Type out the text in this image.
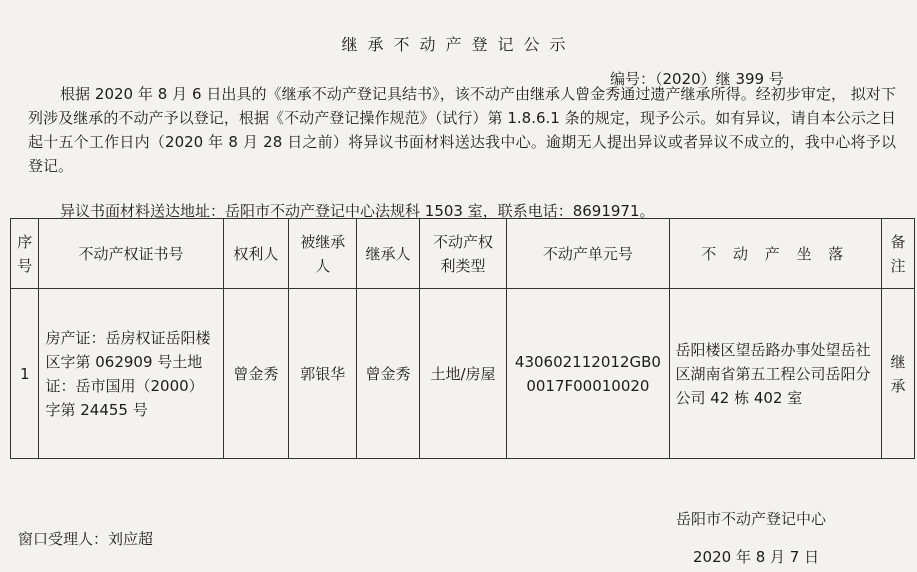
继承不动产登记公示
编号：（2020）继 399 号

根据 2020 年 8 月 6 日出具的《继承不动产登记具结书》，该不动产由继承人曾金秀通过遗产继承所得。经初步审定， 拟对下列涉及继承的不动产予以登记，根据《不动产登记操作规范》（试行）第 1.8.6.1 条的规定，现予公示。如有异议，请自本公示之日起十五个工作日内（2020 年 8 月 28 日之前）将异议书面材料送达我中心。逾期无人提出异议或者异议不成立的，我中心将予以登记。

异议书面材料送达地址：岳阳市不动产登记中心法规科 1503 室，联系电话：8691971。
序号	不动产权证书号	权利人	被继承人	继承人	不动产权利类型	不动产单元号	不 动 产 坐 落	备注
1	房产证：岳房权证岳阳楼区字第 062909 号土地证：岳市国用（2000）字第 24455 号	曾金秀	郭银华	曾金秀	土地/房屋	430602112012GB00017F00010020	岳阳楼区望岳路办事处望岳社区湖南省第五工程公司岳阳分公司 42 栋 402 室	继承
岳阳市不动产登记中心
窗口受理人：刘应超
2020 年 8 月 7 日
